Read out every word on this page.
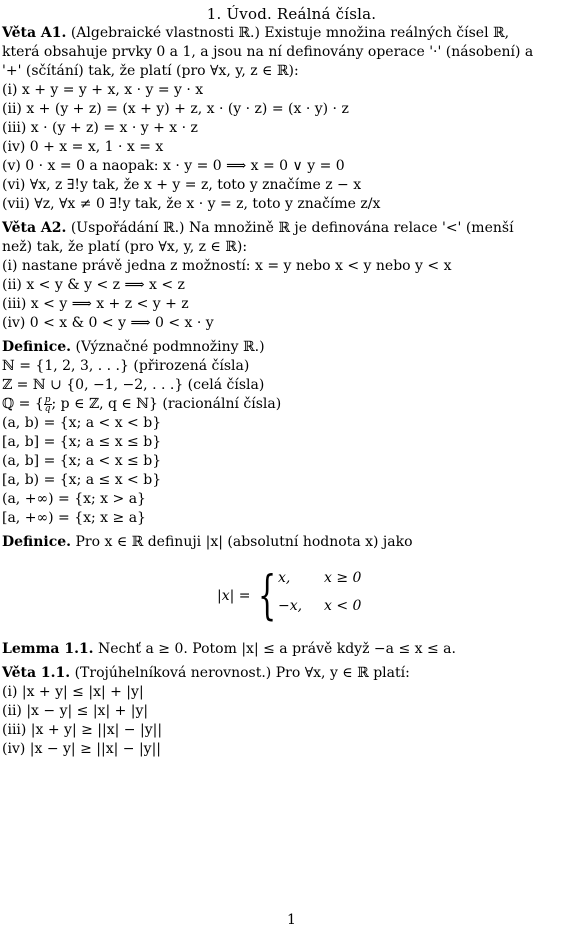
1. Úvod. Reálná čísla.
Věta A1. (Algebraické vlastnosti ℝ.) Existuje množina reálných čísel ℝ,
která obsahuje prvky 0 a 1, a jsou na ní definovány operace '·' (násobení) a
'+' (sčítání) tak, že platí (pro ∀x, y, z ∈ ℝ):
(i) x + y = y + x, x · y = y · x
(ii) x + (y + z) = (x + y) + z, x · (y · z) = (x · y) · z
(iii) x · (y + z) = x · y + x · z
(iv) 0 + x = x, 1 · x = x
(v) 0 · x = 0 a naopak: x · y = 0 ⟹ x = 0 ∨ y = 0
(vi) ∀x, z ∃!y tak, že x + y = z, toto y značíme z − x
(vii) ∀z, ∀x ≠ 0 ∃!y tak, že x · y = z, toto y značíme z/x
Věta A2. (Uspořádání ℝ.) Na množině ℝ je definována relace '<' (menší
než) tak, že platí (pro ∀x, y, z ∈ ℝ):
(i) nastane právě jedna z možností: x = y nebo x < y nebo y < x
(ii) x < y & y < z ⟹ x < z
(iii) x < y ⟹ x + z < y + z
(iv) 0 < x & 0 < y ⟹ 0 < x · y
Definice. (Význačné podmnožiny ℝ.)
ℕ = {1, 2, 3, . . .} (přirozená čísla)
ℤ = ℕ ∪ {0, −1, −2, . . .} (celá čísla)
ℚ = { $\frac{p}{q}$ ; p ∈ ℤ, q ∈ ℕ} (racionální čísla)
(a, b) = {x; a < x < b}
[a, b] = {x; a ≤ x ≤ b}
(a, b] = {x; a < x ≤ b}
[a, b) = {x; a ≤ x < b}
(a, +∞) = {x; x > a}
[a, +∞) = {x; x ≥ a}
Definice. Pro x ∈ ℝ definuji |x| (absolutní hodnota x) jako
|x| = { x, x ≥ 0
−x, x < 0
Lemma 1.1. Nechť a ≥ 0. Potom |x| ≤ a právě když −a ≤ x ≤ a.
Věta 1.1. (Trojúhelníková nerovnost.) Pro ∀x, y ∈ ℝ platí:
(i) |x + y| ≤ |x| + |y|
(ii) |x − y| ≤ |x| + |y|
(iii) |x + y| ≥ ||x| − |y||
(iv) |x − y| ≥ ||x| − |y||
1
